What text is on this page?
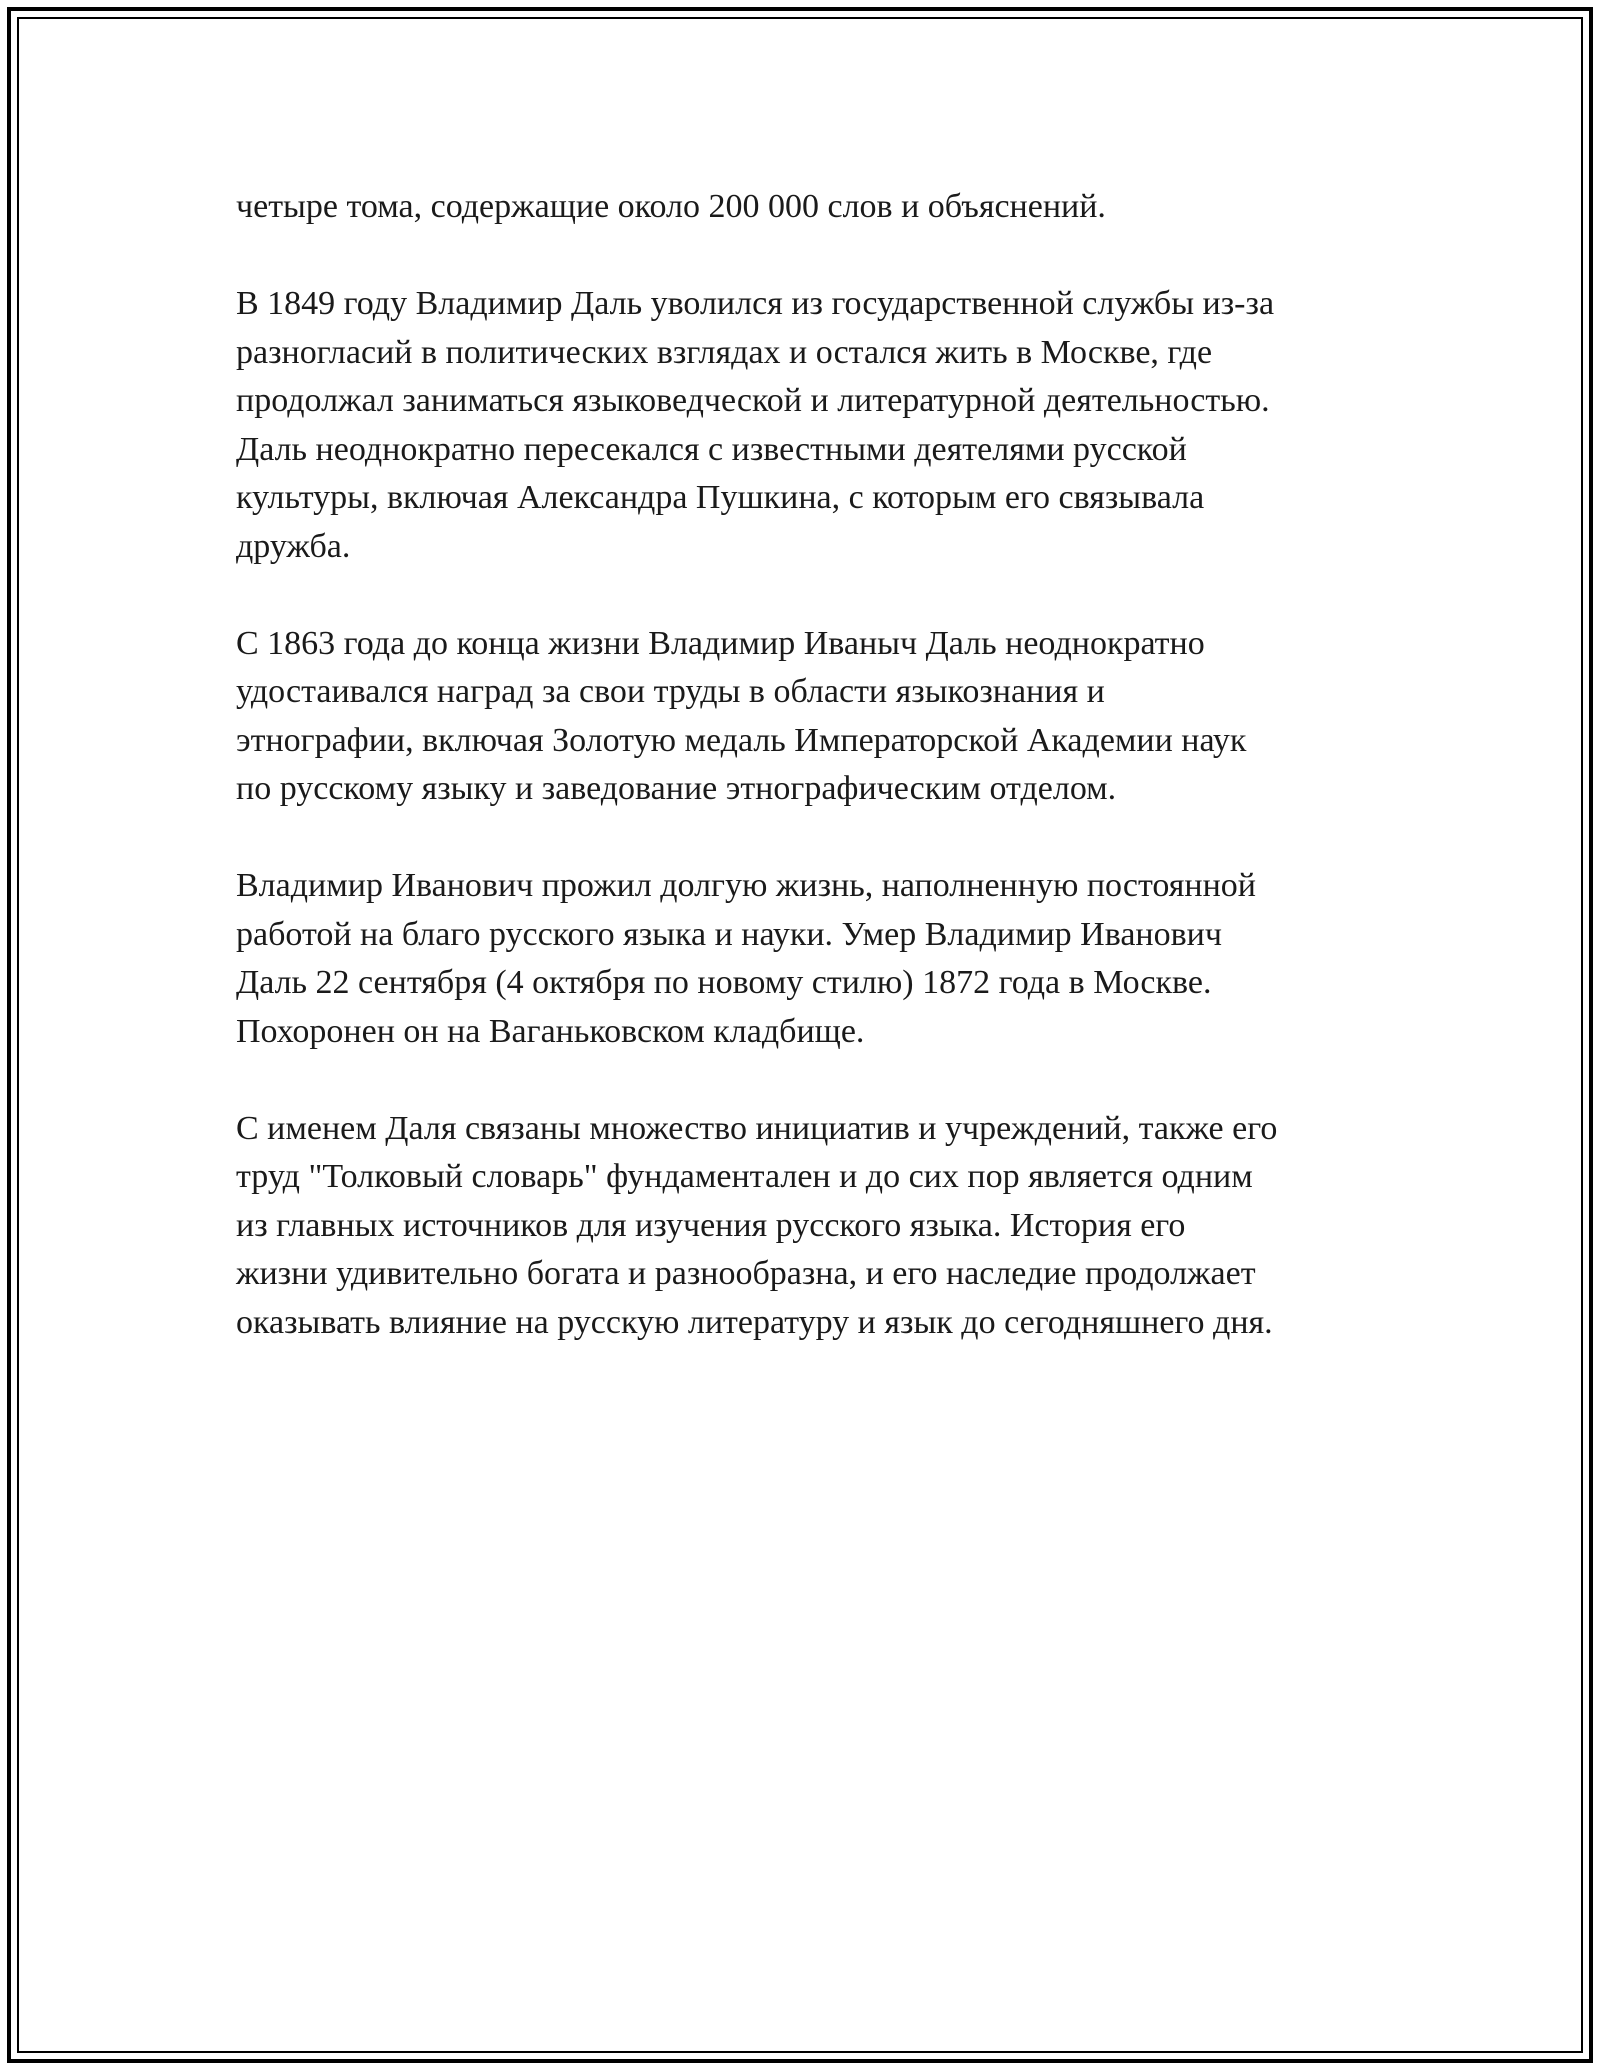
четыре тома, содержащие около 200 000 слов и объяснений.

В 1849 году Владимир Даль уволился из государственной службы из-за
разногласий в политических взглядах и остался жить в Москве, где
продолжал заниматься языковедческой и литературной деятельностью.
Даль неоднократно пересекался с известными деятелями русской
культуры, включая Александра Пушкина, с которым его связывала
дружба.

С 1863 года до конца жизни Владимир Иваныч Даль неоднократно
удостаивался наград за свои труды в области языкознания и
этнографии, включая Золотую медаль Императорской Академии наук
по русскому языку и заведование этнографическим отделом.

Владимир Иванович прожил долгую жизнь, наполненную постоянной
работой на благо русского языка и науки. Умер Владимир Иванович
Даль 22 сентября (4 октября по новому стилю) 1872 года в Москве.
Похоронен он на Ваганьковском кладбище.

С именем Даля связаны множество инициатив и учреждений, также его
труд "Толковый словарь" фундаментален и до сих пор является одним
из главных источников для изучения русского языка. История его
жизни удивительно богата и разнообразна, и его наследие продолжает
оказывать влияние на русскую литературу и язык до сегодняшнего дня.
